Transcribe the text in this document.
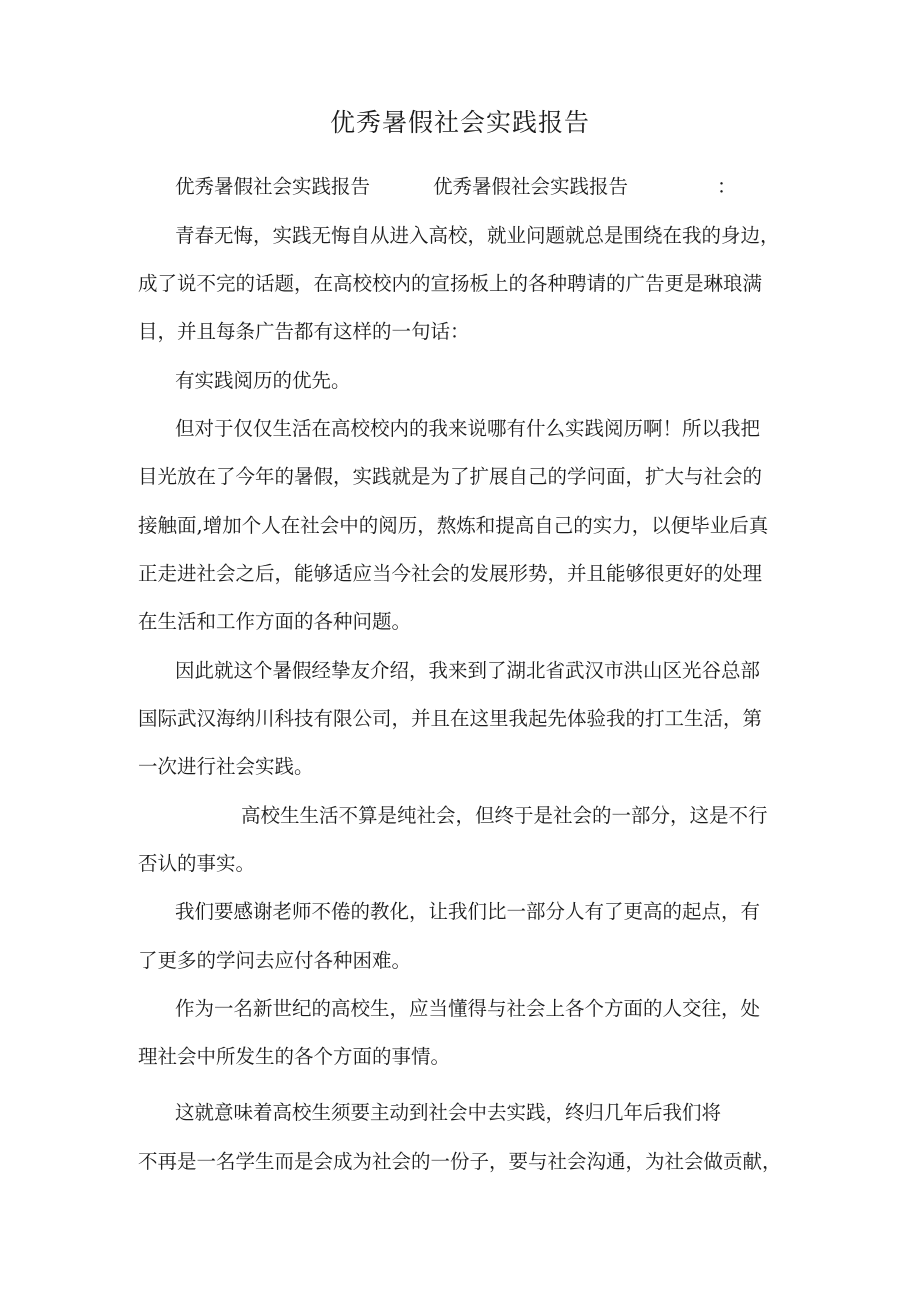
优秀暑假社会实践报告
优秀暑假社会实践报告	优秀暑假社会实践报告	：
青春无悔，实践无悔自从进入高校，就业问题就总是围绕在我的身边，
成了说不完的话题，在高校校内的宣扬板上的各种聘请的广告更是琳琅满
目，并且每条广告都有这样的一句话：
有实践阅历的优先。
但对于仅仅生活在高校校内的我来说哪有什么实践阅历啊！所以我把
目光放在了今年的暑假，实践就是为了扩展自己的学问面，扩大与社会的
接触面,增加个人在社会中的阅历，熬炼和提高自己的实力，以便毕业后真
正走进社会之后，能够适应当今社会的发展形势，并且能够很更好的处理
在生活和工作方面的各种问题。
因此就这个暑假经挚友介绍，我来到了湖北省武汉市洪山区光谷总部
国际武汉海纳川科技有限公司，并且在这里我起先体验我的打工生活，第
一次进行社会实践。
高校生生活不算是纯社会，但终于是社会的一部分，这是不行
否认的事实。
我们要感谢老师不倦的教化，让我们比一部分人有了更高的起点，有
了更多的学问去应付各种困难。
作为一名新世纪的高校生，应当懂得与社会上各个方面的人交往，处
理社会中所发生的各个方面的事情。
这就意味着高校生须要主动到社会中去实践，终归几年后我们将
不再是一名学生而是会成为社会的一份子，要与社会沟通，为社会做贡献，
